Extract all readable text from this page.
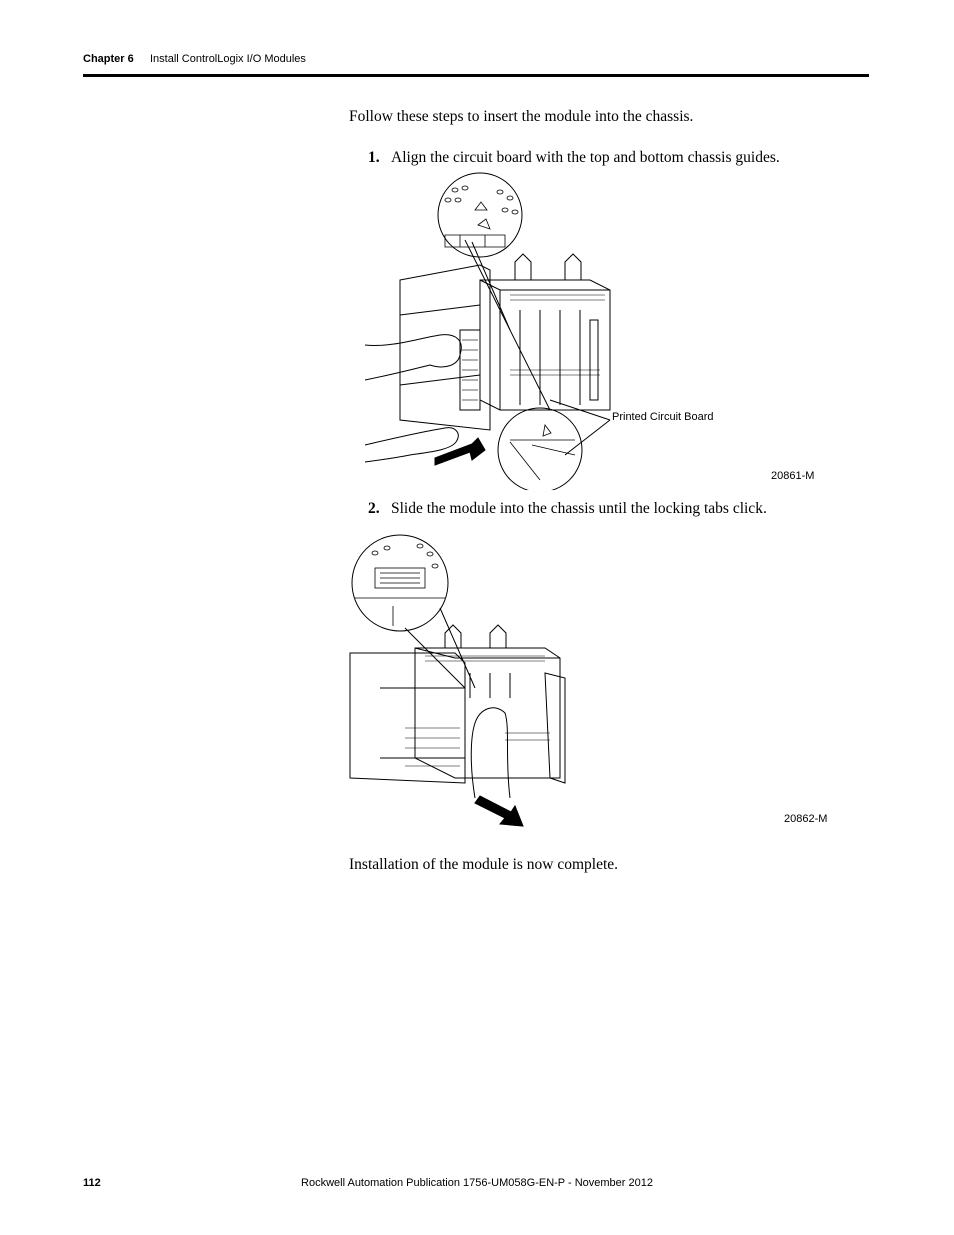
Chapter 6 Install ControlLogix I/O Modules
Follow these steps to insert the module into the chassis.
1. Align the circuit board with the top and bottom chassis guides.
Printed Circuit Board
20861-M
2. Slide the module into the chassis until the locking tabs click.
20862-M
Installation of the module is now complete.
112	Rockwell Automation Publication 1756-UM058G-EN-P - November 2012
